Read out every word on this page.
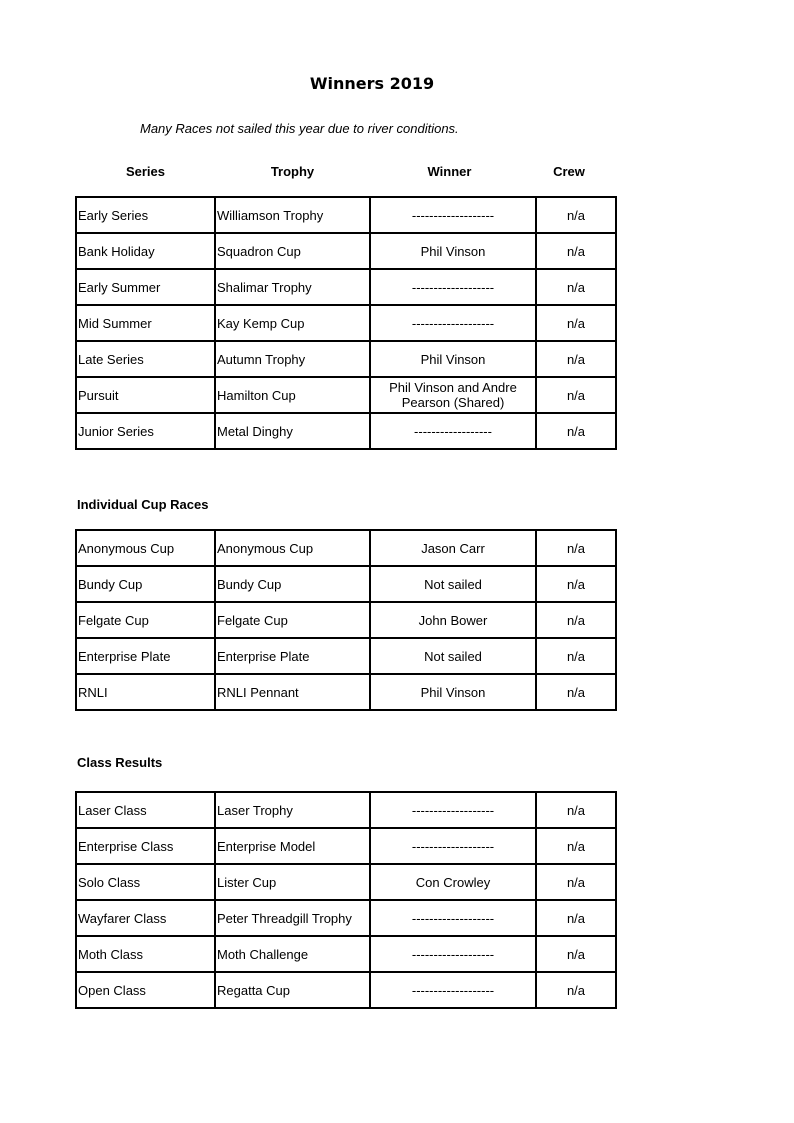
Winners 2019
Many Races not sailed this year due to river conditions.
Series	Trophy	Winner	Crew
Early Series	Williamson Trophy	-------------------	n/a
Bank Holiday	Squadron Cup	Phil Vinson	n/a
Early Summer	Shalimar Trophy	-------------------	n/a
Mid Summer	Kay Kemp Cup	-------------------	n/a
Late Series	Autumn Trophy	Phil Vinson	n/a
Pursuit	Hamilton Cup	Phil Vinson and Andre Pearson (Shared)	n/a
Junior Series	Metal Dinghy	------------------	n/a
Individual Cup Races
Anonymous Cup	Anonymous Cup	Jason Carr	n/a
Bundy Cup	Bundy Cup	Not sailed	n/a
Felgate Cup	Felgate Cup	John Bower	n/a
Enterprise Plate	Enterprise Plate	Not sailed	n/a
RNLI	RNLI Pennant	Phil Vinson	n/a
Class Results
Laser Class	Laser Trophy	-------------------	n/a
Enterprise Class	Enterprise Model	-------------------	n/a
Solo Class	Lister Cup	Con Crowley	n/a
Wayfarer Class	Peter Threadgill Trophy	-------------------	n/a
Moth Class	Moth Challenge	-------------------	n/a
Open Class	Regatta Cup	-------------------	n/a
